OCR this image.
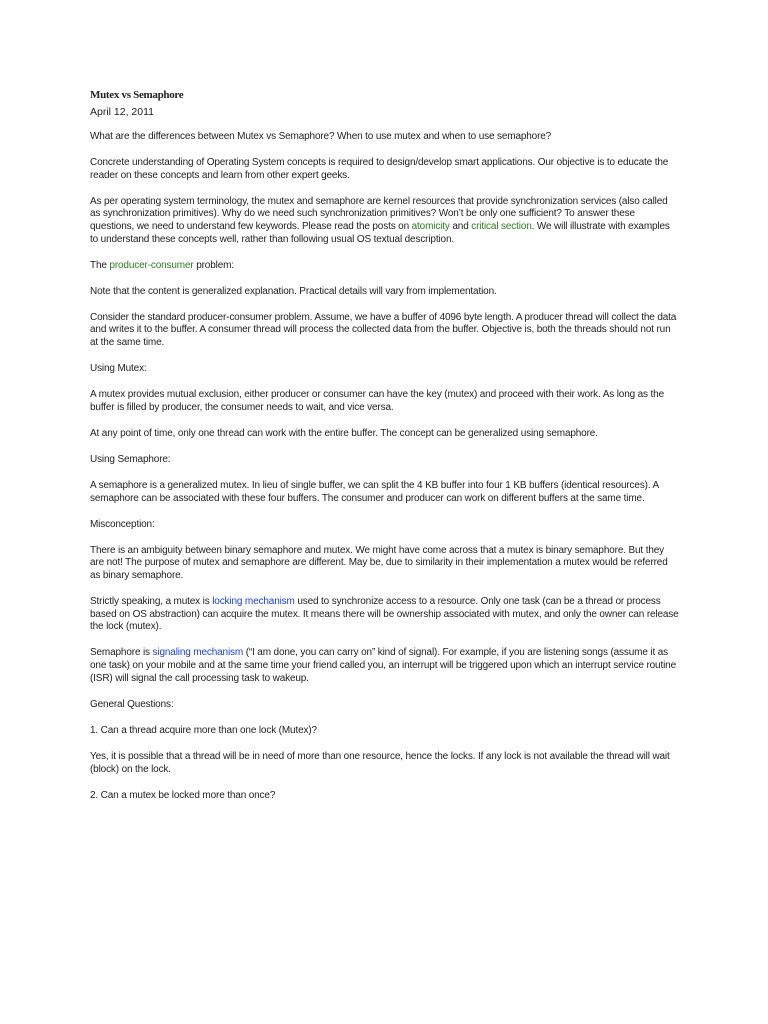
Mutex vs Semaphore
April 12, 2011

What are the differences between Mutex vs Semaphore? When to use mutex and when to use semaphore?

Concrete understanding of Operating System concepts is required to design/develop smart applications. Our objective is to educate the reader on these concepts and learn from other expert geeks.

As per operating system terminology, the mutex and semaphore are kernel resources that provide synchronization services (also called as synchronization primitives). Why do we need such synchronization primitives? Won’t be only one sufficient? To answer these questions, we need to understand few keywords. Please read the posts on atomicity and critical section. We will illustrate with examples to understand these concepts well, rather than following usual OS textual description.

The producer-consumer problem:

Note that the content is generalized explanation. Practical details will vary from implementation.

Consider the standard producer-consumer problem. Assume, we have a buffer of 4096 byte length. A producer thread will collect the data and writes it to the buffer. A consumer thread will process the collected data from the buffer. Objective is, both the threads should not run at the same time.

Using Mutex:

A mutex provides mutual exclusion, either producer or consumer can have the key (mutex) and proceed with their work. As long as the buffer is filled by producer, the consumer needs to wait, and vice versa.

At any point of time, only one thread can work with the entire buffer. The concept can be generalized using semaphore.

Using Semaphore:

A semaphore is a generalized mutex. In lieu of single buffer, we can split the 4 KB buffer into four 1 KB buffers (identical resources). A semaphore can be associated with these four buffers. The consumer and producer can work on different buffers at the same time.

Misconception:

There is an ambiguity between binary semaphore and mutex. We might have come across that a mutex is binary semaphore. But they are not! The purpose of mutex and semaphore are different. May be, due to similarity in their implementation a mutex would be referred as binary semaphore.

Strictly speaking, a mutex is locking mechanism used to synchronize access to a resource. Only one task (can be a thread or process based on OS abstraction) can acquire the mutex. It means there will be ownership associated with mutex, and only the owner can release the lock (mutex).

Semaphore is signaling mechanism (“I am done, you can carry on” kind of signal). For example, if you are listening songs (assume it as one task) on your mobile and at the same time your friend called you, an interrupt will be triggered upon which an interrupt service routine (ISR) will signal the call processing task to wakeup.

General Questions:

1. Can a thread acquire more than one lock (Mutex)?

Yes, it is possible that a thread will be in need of more than one resource, hence the locks. If any lock is not available the thread will wait (block) on the lock.

2. Can a mutex be locked more than once?
